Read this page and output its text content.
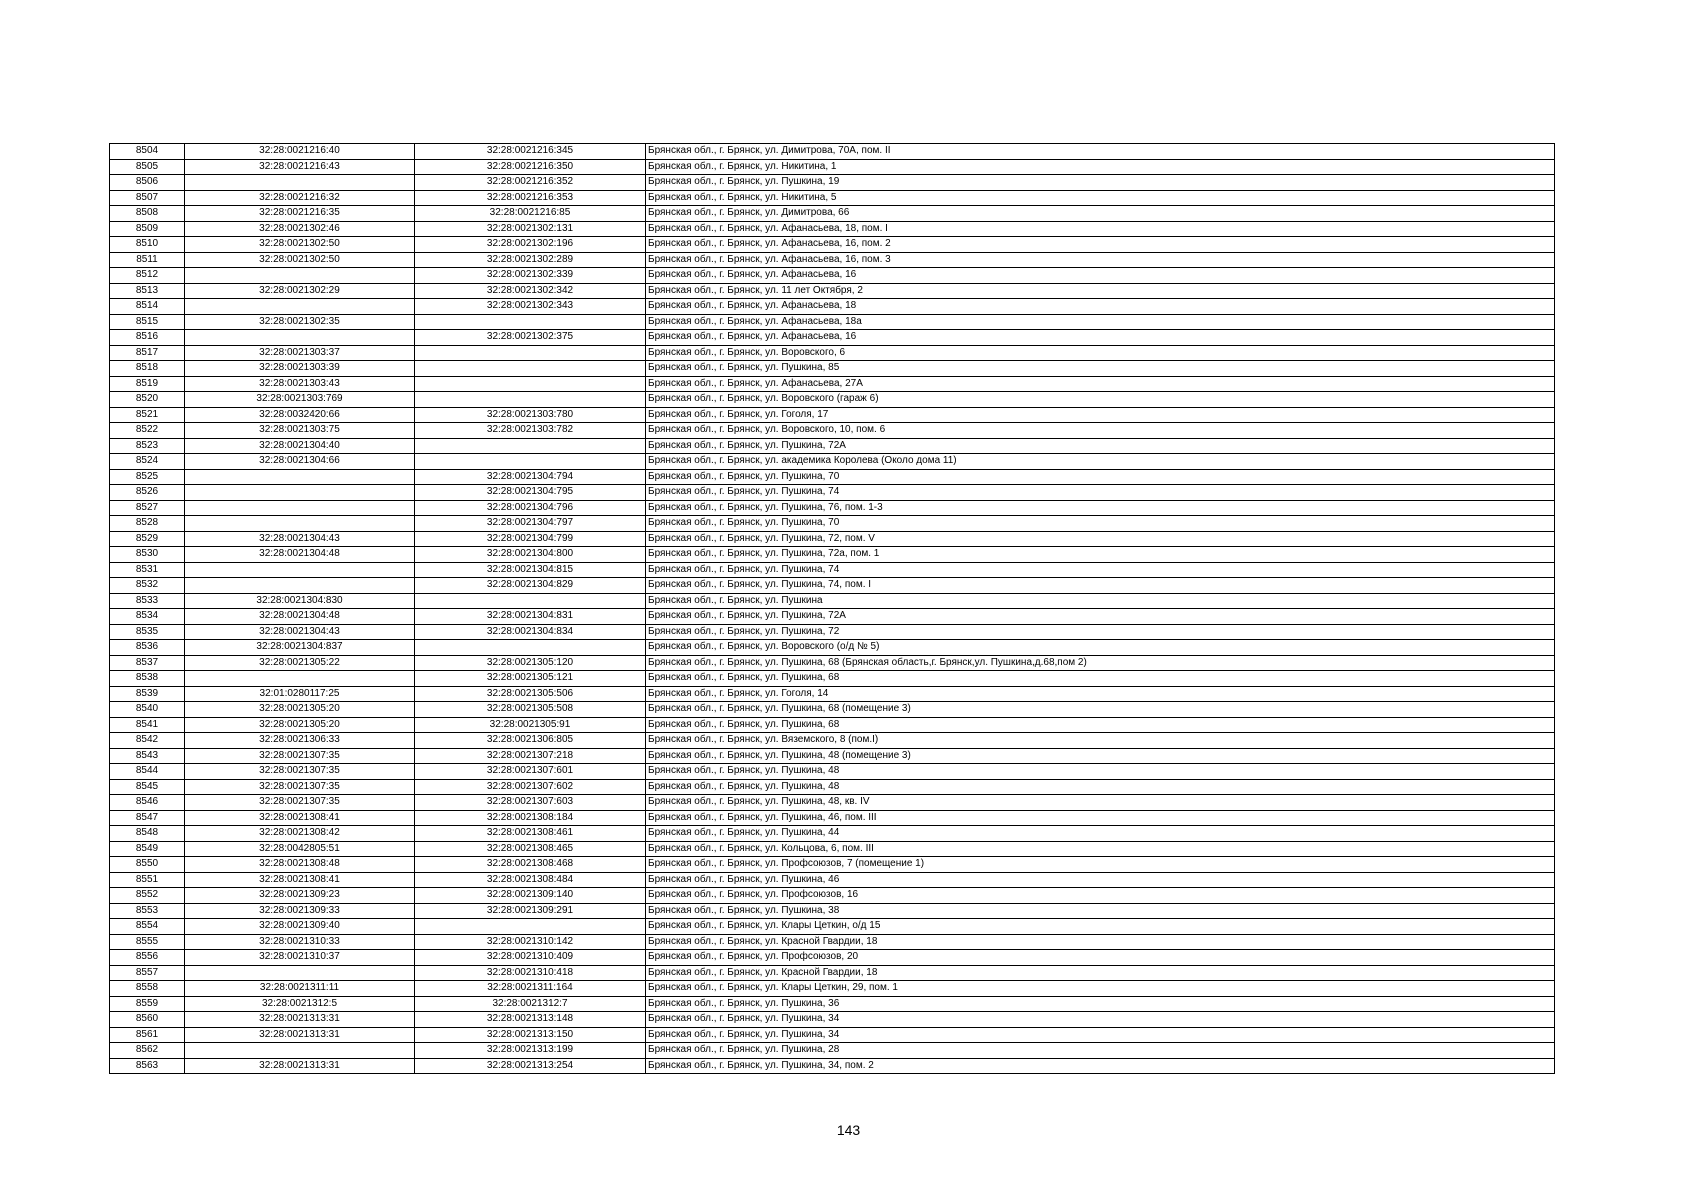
8504	32:28:0021216:40	32:28:0021216:345	Брянская обл., г. Брянск, ул. Димитрова, 70А, пом. II
8505	32:28:0021216:43	32:28:0021216:350	Брянская обл., г. Брянск, ул. Никитина, 1
8506		32:28:0021216:352	Брянская обл., г. Брянск, ул. Пушкина, 19
8507	32:28:0021216:32	32:28:0021216:353	Брянская обл., г. Брянск, ул. Никитина, 5
8508	32:28:0021216:35	32:28:0021216:85	Брянская обл., г. Брянск, ул. Димитрова, 66
8509	32:28:0021302:46	32:28:0021302:131	Брянская обл., г. Брянск, ул. Афанасьева, 18, пом. I
8510	32:28:0021302:50	32:28:0021302:196	Брянская обл., г. Брянск, ул. Афанасьева, 16, пом. 2
8511	32:28:0021302:50	32:28:0021302:289	Брянская обл., г. Брянск, ул. Афанасьева, 16, пом. 3
8512		32:28:0021302:339	Брянская обл., г. Брянск, ул. Афанасьева, 16
8513	32:28:0021302:29	32:28:0021302:342	Брянская обл., г. Брянск, ул. 11 лет Октября, 2
8514		32:28:0021302:343	Брянская обл., г. Брянск, ул. Афанасьева, 18
8515	32:28:0021302:35		Брянская обл., г. Брянск, ул. Афанасьева, 18а
8516		32:28:0021302:375	Брянская обл., г. Брянск, ул. Афанасьева, 16
8517	32:28:0021303:37		Брянская обл., г. Брянск, ул. Воровского, 6
8518	32:28:0021303:39		Брянская обл., г. Брянск, ул. Пушкина, 85
8519	32:28:0021303:43		Брянская обл., г. Брянск, ул. Афанасьева, 27А
8520	32:28:0021303:769		Брянская обл., г. Брянск, ул. Воровского (гараж 6)
8521	32:28:0032420:66	32:28:0021303:780	Брянская обл., г. Брянск, ул. Гоголя, 17
8522	32:28:0021303:75	32:28:0021303:782	Брянская обл., г. Брянск, ул. Воровского, 10, пом. 6
8523	32:28:0021304:40		Брянская обл., г. Брянск, ул. Пушкина, 72А
8524	32:28:0021304:66		Брянская обл., г. Брянск, ул. академика Королева (Около дома 11)
8525		32:28:0021304:794	Брянская обл., г. Брянск, ул. Пушкина, 70
8526		32:28:0021304:795	Брянская обл., г. Брянск, ул. Пушкина, 74
8527		32:28:0021304:796	Брянская обл., г. Брянск, ул. Пушкина, 76, пом. 1-3
8528		32:28:0021304:797	Брянская обл., г. Брянск, ул. Пушкина, 70
8529	32:28:0021304:43	32:28:0021304:799	Брянская обл., г. Брянск, ул. Пушкина, 72, пом. V
8530	32:28:0021304:48	32:28:0021304:800	Брянская обл., г. Брянск, ул. Пушкина, 72а, пом. 1
8531		32:28:0021304:815	Брянская обл., г. Брянск, ул. Пушкина, 74
8532		32:28:0021304:829	Брянская обл., г. Брянск, ул. Пушкина, 74, пом. I
8533	32:28:0021304:830		Брянская обл., г. Брянск, ул. Пушкина
8534	32:28:0021304:48	32:28:0021304:831	Брянская обл., г. Брянск, ул. Пушкина, 72А
8535	32:28:0021304:43	32:28:0021304:834	Брянская обл., г. Брянск, ул. Пушкина, 72
8536	32:28:0021304:837		Брянская обл., г. Брянск, ул. Воровского (о/д № 5)
8537	32:28:0021305:22	32:28:0021305:120	Брянская обл., г. Брянск, ул. Пушкина, 68 (Брянская область,г. Брянск,ул. Пушкина,д.68,пом 2)
8538		32:28:0021305:121	Брянская обл., г. Брянск, ул. Пушкина, 68
8539	32:01:0280117:25	32:28:0021305:506	Брянская обл., г. Брянск, ул. Гоголя, 14
8540	32:28:0021305:20	32:28:0021305:508	Брянская обл., г. Брянск, ул. Пушкина, 68 (помещение 3)
8541	32:28:0021305:20	32:28:0021305:91	Брянская обл., г. Брянск, ул. Пушкина, 68
8542	32:28:0021306:33	32:28:0021306:805	Брянская обл., г. Брянск, ул. Вяземского, 8 (пом.I)
8543	32:28:0021307:35	32:28:0021307:218	Брянская обл., г. Брянск, ул. Пушкина, 48 (помещение 3)
8544	32:28:0021307:35	32:28:0021307:601	Брянская обл., г. Брянск, ул. Пушкина, 48
8545	32:28:0021307:35	32:28:0021307:602	Брянская обл., г. Брянск, ул. Пушкина, 48
8546	32:28:0021307:35	32:28:0021307:603	Брянская обл., г. Брянск, ул. Пушкина, 48, кв. IV
8547	32:28:0021308:41	32:28:0021308:184	Брянская обл., г. Брянск, ул. Пушкина, 46, пом. III
8548	32:28:0021308:42	32:28:0021308:461	Брянская обл., г. Брянск, ул. Пушкина, 44
8549	32:28:0042805:51	32:28:0021308:465	Брянская обл., г. Брянск, ул. Кольцова, 6, пом. III
8550	32:28:0021308:48	32:28:0021308:468	Брянская обл., г. Брянск, ул. Профсоюзов, 7 (помещение 1)
8551	32:28:0021308:41	32:28:0021308:484	Брянская обл., г. Брянск, ул. Пушкина, 46
8552	32:28:0021309:23	32:28:0021309:140	Брянская обл., г. Брянск, ул. Профсоюзов, 16
8553	32:28:0021309:33	32:28:0021309:291	Брянская обл., г. Брянск, ул. Пушкина, 38
8554	32:28:0021309:40		Брянская обл., г. Брянск, ул. Клары Цеткин, о/д 15
8555	32:28:0021310:33	32:28:0021310:142	Брянская обл., г. Брянск, ул. Красной Гвардии, 18
8556	32:28:0021310:37	32:28:0021310:409	Брянская обл., г. Брянск, ул. Профсоюзов, 20
8557		32:28:0021310:418	Брянская обл., г. Брянск, ул. Красной Гвардии, 18
8558	32:28:0021311:11	32:28:0021311:164	Брянская обл., г. Брянск, ул. Клары Цеткин, 29, пом. 1
8559	32:28:0021312:5	32:28:0021312:7	Брянская обл., г. Брянск, ул. Пушкина, 36
8560	32:28:0021313:31	32:28:0021313:148	Брянская обл., г. Брянск, ул. Пушкина, 34
8561	32:28:0021313:31	32:28:0021313:150	Брянская обл., г. Брянск, ул. Пушкина, 34
8562		32:28:0021313:199	Брянская обл., г. Брянск, ул. Пушкина, 28
8563	32:28:0021313:31	32:28:0021313:254	Брянская обл., г. Брянск, ул. Пушкина, 34, пом. 2
143
